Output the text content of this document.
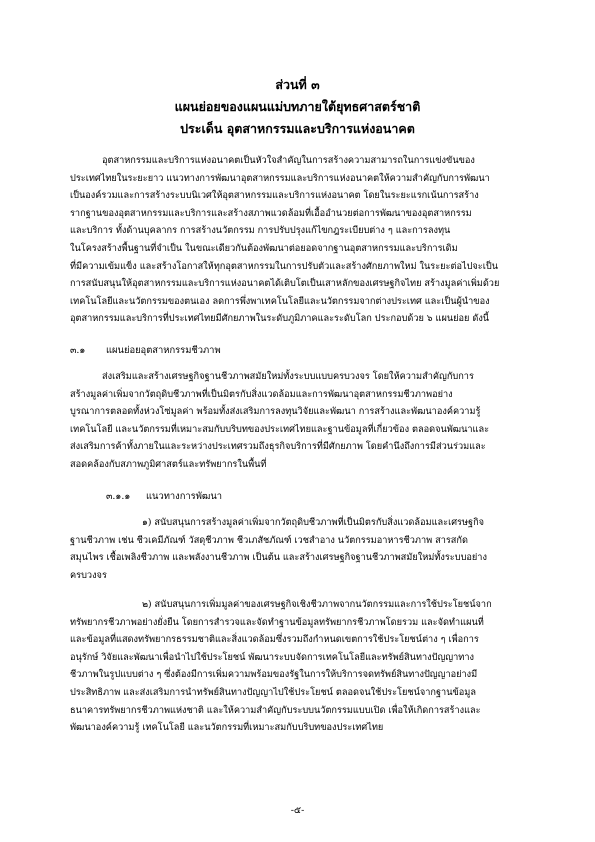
ส่วนที่ ๓
แผนย่อยของแผนแม่บทภายใต้ยุทธศาสตร์ชาติ
ประเด็น อุตสาหกรรมและบริการแห่งอนาคต
อุตสาหกรรมและบริการแห่งอนาคตเป็นหัวใจสำคัญในการสร้างความสามารถในการแข่งขันของ
ประเทศไทยในระยะยาว แนวทางการพัฒนาอุตสาหกรรมและบริการแห่งอนาคตให้ความสำคัญกับการพัฒนา
เป็นองค์รวมและการสร้างระบบนิเวศให้อุตสาหกรรมและบริการแห่งอนาคต โดยในระยะแรกเน้นการสร้าง
รากฐานของอุตสาหกรรมและบริการและสร้างสภาพแวดล้อมที่เอื้ออำนวยต่อการพัฒนาของอุตสาหกรรม
และบริการ ทั้งด้านบุคลากร การสร้างนวัตกรรม การปรับปรุงแก้ไขกฎระเบียบต่าง ๆ และการลงทุน
ในโครงสร้างพื้นฐานที่จำเป็น ในขณะเดียวกันต้องพัฒนาต่อยอดจากฐานอุตสาหกรรมและบริการเดิม
ที่มีความเข้มแข็ง และสร้างโอกาสให้ทุกอุตสาหกรรมในการปรับตัวและสร้างศักยภาพใหม่ ในระยะต่อไปจะเป็น
การสนับสนุนให้อุตสาหกรรมและบริการแห่งอนาคตได้เติบโตเป็นเสาหลักของเศรษฐกิจไทย สร้างมูลค่าเพิ่มด้วย
เทคโนโลยีและนวัตกรรมของตนเอง ลดการพึ่งพาเทคโนโลยีและนวัตกรรมจากต่างประเทศ และเป็นผู้นำของ
อุตสาหกรรมและบริการที่ประเทศไทยมีศักยภาพในระดับภูมิภาคและระดับโลก ประกอบด้วย ๖ แผนย่อย ดังนี้
๓.๑ แผนย่อยอุตสาหกรรมชีวภาพ
ส่งเสริมและสร้างเศรษฐกิจฐานชีวภาพสมัยใหม่ทั้งระบบแบบครบวงจร โดยให้ความสำคัญกับการ
สร้างมูลค่าเพิ่มจากวัตถุดิบชีวภาพที่เป็นมิตรกับสิ่งแวดล้อมและการพัฒนาอุตสาหกรรมชีวภาพอย่าง
บูรณาการตลอดทั้งห่วงโซ่มูลค่า พร้อมทั้งส่งเสริมการลงทุนวิจัยและพัฒนา การสร้างและพัฒนาองค์ความรู้
เทคโนโลยี และนวัตกรรมที่เหมาะสมกับบริบทของประเทศไทยและฐานข้อมูลที่เกี่ยวข้อง ตลอดจนพัฒนาและ
ส่งเสริมการค้าทั้งภายในและระหว่างประเทศรวมถึงธุรกิจบริการที่มีศักยภาพ โดยคำนึงถึงการมีส่วนร่วมและ
สอดคล้องกับสภาพภูมิศาสตร์และทรัพยากรในพื้นที่
๓.๑.๑ แนวทางการพัฒนา
๑) สนับสนุนการสร้างมูลค่าเพิ่มจากวัตถุดิบชีวภาพที่เป็นมิตรกับสิ่งแวดล้อมและเศรษฐกิจ
ฐานชีวภาพ เช่น ชีวเคมีภัณฑ์ วัสดุชีวภาพ ชีวเภสัชภัณฑ์ เวชสำอาง นวัตกรรมอาหารชีวภาพ สารสกัด
สมุนไพร เชื้อเพลิงชีวภาพ และพลังงานชีวภาพ เป็นต้น และสร้างเศรษฐกิจฐานชีวภาพสมัยใหม่ทั้งระบบอย่าง
ครบวงจร
๒) สนับสนุนการเพิ่มมูลค่าของเศรษฐกิจเชิงชีวภาพจากนวัตกรรมและการใช้ประโยชน์จาก
ทรัพยากรชีวภาพอย่างยั่งยืน โดยการสำรวจและจัดทำฐานข้อมูลทรัพยากรชีวภาพโดยรวม และจัดทำแผนที่
และข้อมูลที่แสดงทรัพยากรธรรมชาติและสิ่งแวดล้อมซึ่งรวมถึงกำหนดเขตการใช้ประโยชน์ต่าง ๆ เพื่อการ
อนุรักษ์ วิจัยและพัฒนาเพื่อนำไปใช้ประโยชน์ พัฒนาระบบจัดการเทคโนโลยีและทรัพย์สินทางปัญญาทาง
ชีวภาพในรูปแบบต่าง ๆ ซึ่งต้องมีการเพิ่มความพร้อมของรัฐในการให้บริการจดทรัพย์สินทางปัญญาอย่างมี
ประสิทธิภาพ และส่งเสริมการนำทรัพย์สินทางปัญญาไปใช้ประโยชน์ ตลอดจนใช้ประโยชน์จากฐานข้อมูล
ธนาคารทรัพยากรชีวภาพแห่งชาติ และให้ความสำคัญกับระบบนวัตกรรมแบบเปิด เพื่อให้เกิดการสร้างและ
พัฒนาองค์ความรู้ เทคโนโลยี และนวัตกรรมที่เหมาะสมกับบริบทของประเทศไทย
-๕-
